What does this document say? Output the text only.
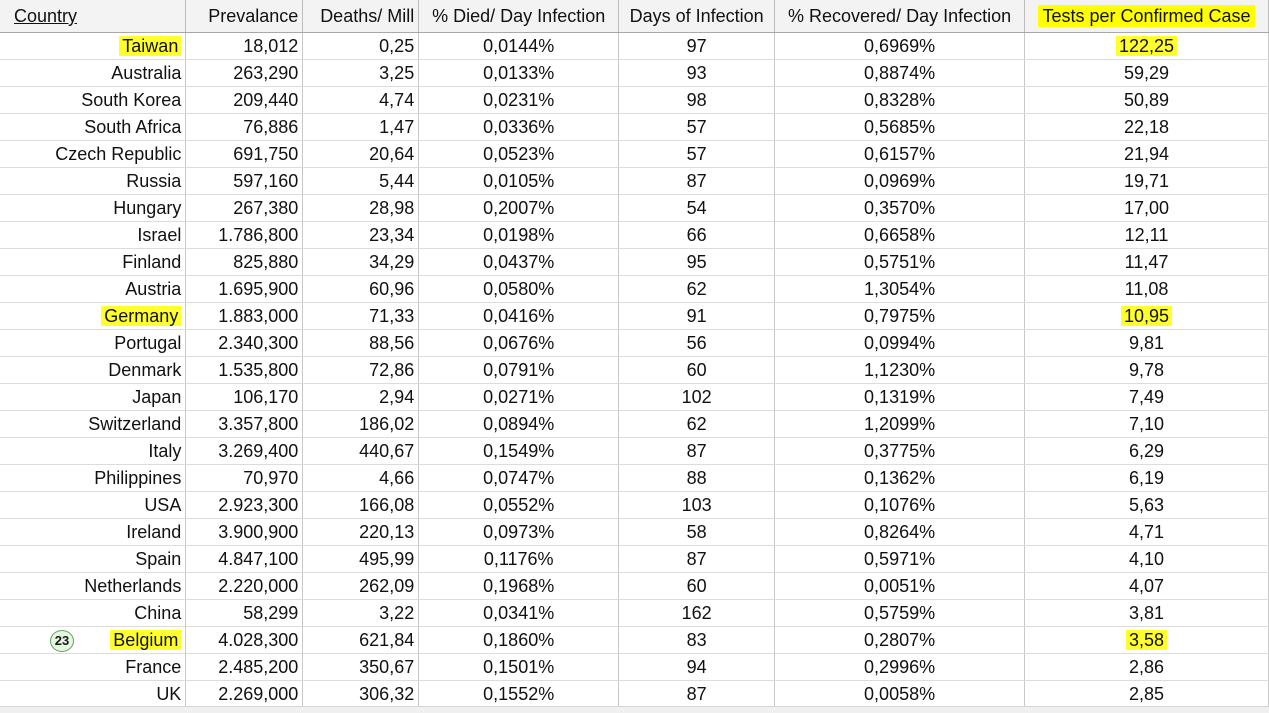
Country	Prevalance	Deaths/ Mill	% Died/ Day Infection	Days of Infection	% Recovered/ Day Infection	Tests per Confirmed Case
Taiwan	18,012	0,25	0,0144%	97	0,6969%	122,25
Australia	263,290	3,25	0,0133%	93	0,8874%	59,29
South Korea	209,440	4,74	0,0231%	98	0,8328%	50,89
South Africa	76,886	1,47	0,0336%	57	0,5685%	22,18
Czech Republic	691,750	20,64	0,0523%	57	0,6157%	21,94
Russia	597,160	5,44	0,0105%	87	0,0969%	19,71
Hungary	267,380	28,98	0,2007%	54	0,3570%	17,00
Israel	1.786,800	23,34	0,0198%	66	0,6658%	12,11
Finland	825,880	34,29	0,0437%	95	0,5751%	11,47
Austria	1.695,900	60,96	0,0580%	62	1,3054%	11,08
Germany	1.883,000	71,33	0,0416%	91	0,7975%	10,95
Portugal	2.340,300	88,56	0,0676%	56	0,0994%	9,81
Denmark	1.535,800	72,86	0,0791%	60	1,1230%	9,78
Japan	106,170	2,94	0,0271%	102	0,1319%	7,49
Switzerland	3.357,800	186,02	0,0894%	62	1,2099%	7,10
Italy	3.269,400	440,67	0,1549%	87	0,3775%	6,29
Philippines	70,970	4,66	0,0747%	88	0,1362%	6,19
USA	2.923,300	166,08	0,0552%	103	0,1076%	5,63
Ireland	3.900,900	220,13	0,0973%	58	0,8264%	4,71
Spain	4.847,100	495,99	0,1176%	87	0,5971%	4,10
Netherlands	2.220,000	262,09	0,1968%	60	0,0051%	4,07
China	58,299	3,22	0,0341%	162	0,5759%	3,81

23 Belgium	4.028,300	621,84	0,1860%	83	0,2807%	3,58
France	2.485,200	350,67	0,1501%	94	0,2996%	2,86
UK	2.269,000	306,32	0,1552%	87	0,0058%	2,85
